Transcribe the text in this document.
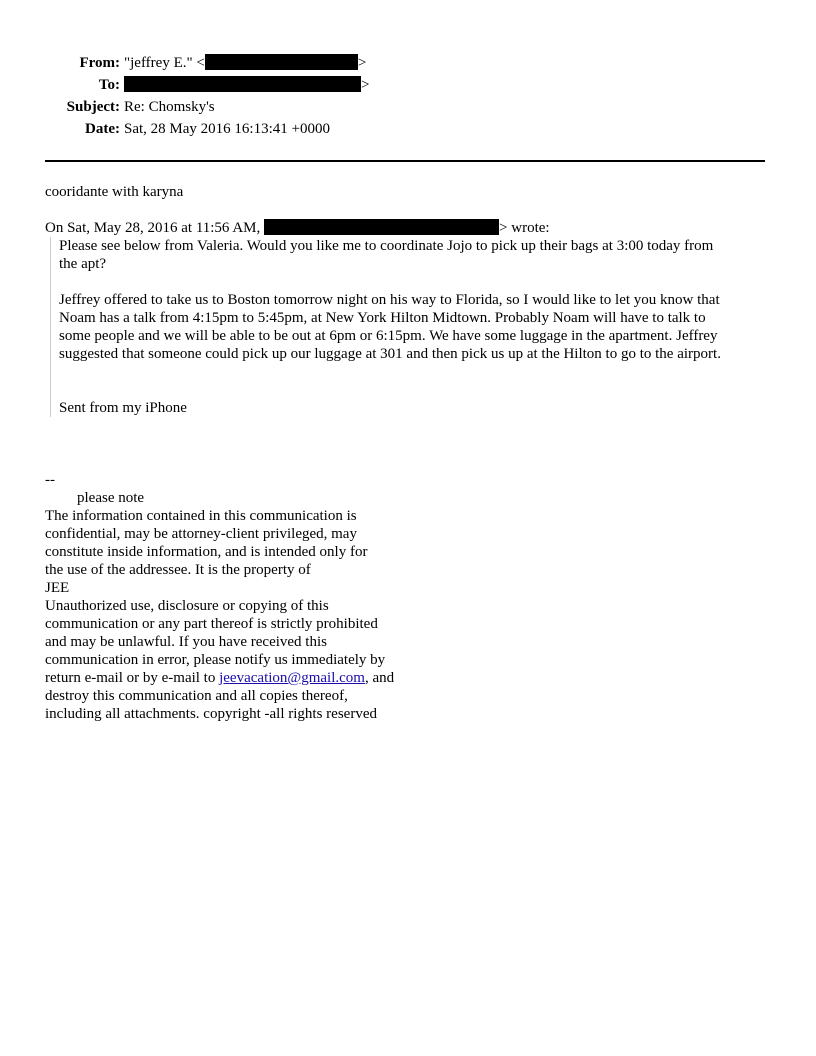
From: "jeffrey E." <	>
To:	>
Subject: Re: Chomsky's
Date: Sat, 28 May 2016 16:13:41 +0000
cooridante with karyna
On Sat, May 28, 2016 at 11:56 AM,	> wrote:
Please see below from Valeria. Would you like me to coordinate Jojo to pick up their bags at 3:00 today from
the apt?
Jeffrey offered to take us to Boston tomorrow night on his way to Florida, so I would like to let you know that
Noam has a talk from 4:15pm to 5:45pm, at New York Hilton Midtown. Probably Noam will have to talk to
some people and we will be able to be out at 6pm or 6:15pm. We have some luggage in the apartment. Jeffrey
suggested that someone could pick up our luggage at 301 and then pick us up at the Hilton to go to the airport.
Sent from my iPhone
--
please note
The information contained in this communication is
confidential, may be attorney-client privileged, may
constitute inside information, and is intended only for
the use of the addressee. It is the property of
JEE
Unauthorized use, disclosure or copying of this
communication or any part thereof is strictly prohibited
and may be unlawful. If you have received this
communication in error, please notify us immediately by
return e-mail or by e-mail to jeevacation@gmail.com, and
destroy this communication and all copies thereof,
including all attachments. copyright -all rights reserved
